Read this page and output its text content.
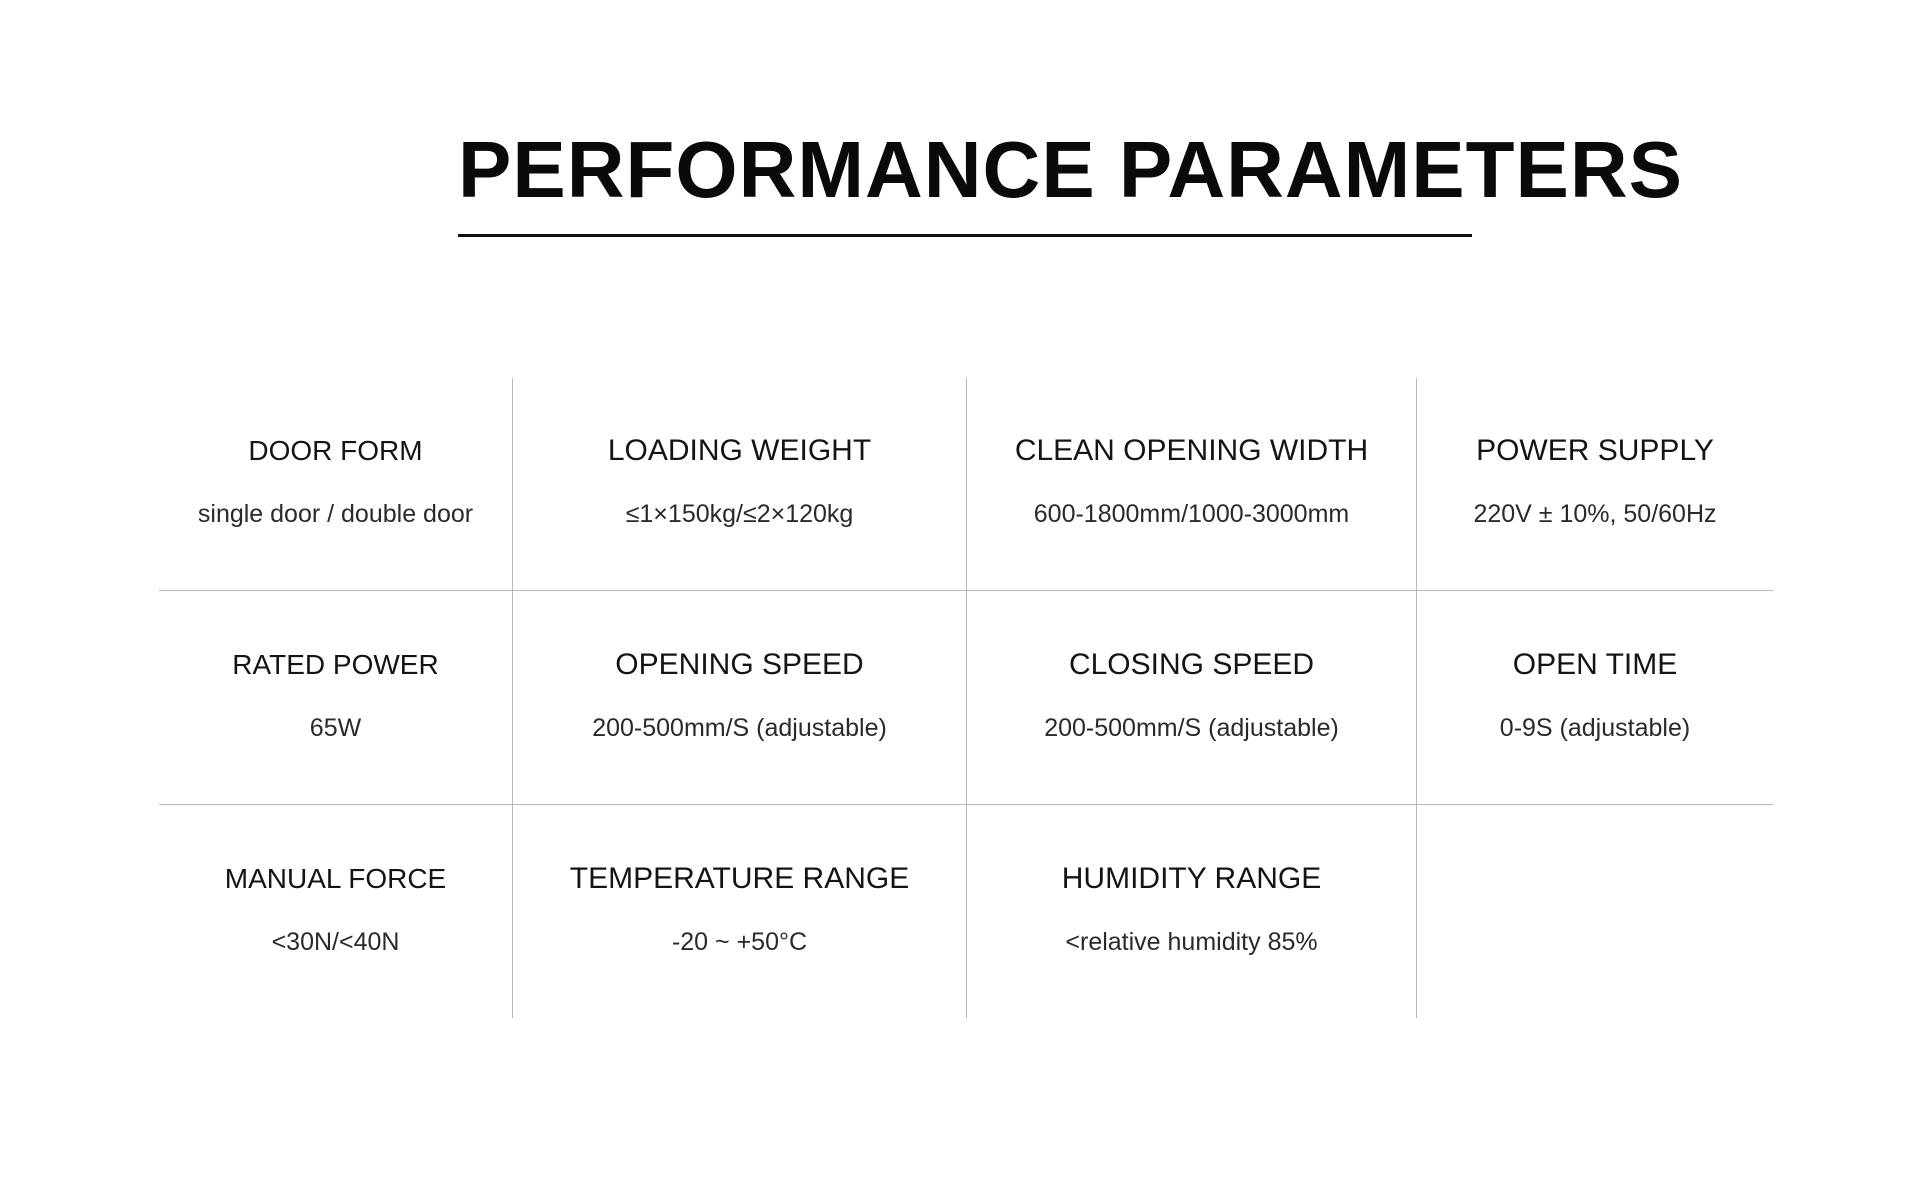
PERFORMANCE PARAMETERS
DOOR FORM
single door / double door
LOADING WEIGHT
≤1×150kg/≤2×120kg
CLEAN OPENING WIDTH
600-1800mm/1000-3000mm
POWER SUPPLY
220V ± 10%, 50/60Hz
RATED POWER
65W
OPENING SPEED
200-500mm/S (adjustable)
CLOSING SPEED
200-500mm/S (adjustable)
OPEN TIME
0-9S (adjustable)
MANUAL FORCE
<30N/<40N
TEMPERATURE RANGE
-20 ~ +50°C
HUMIDITY RANGE
<relative humidity 85%
